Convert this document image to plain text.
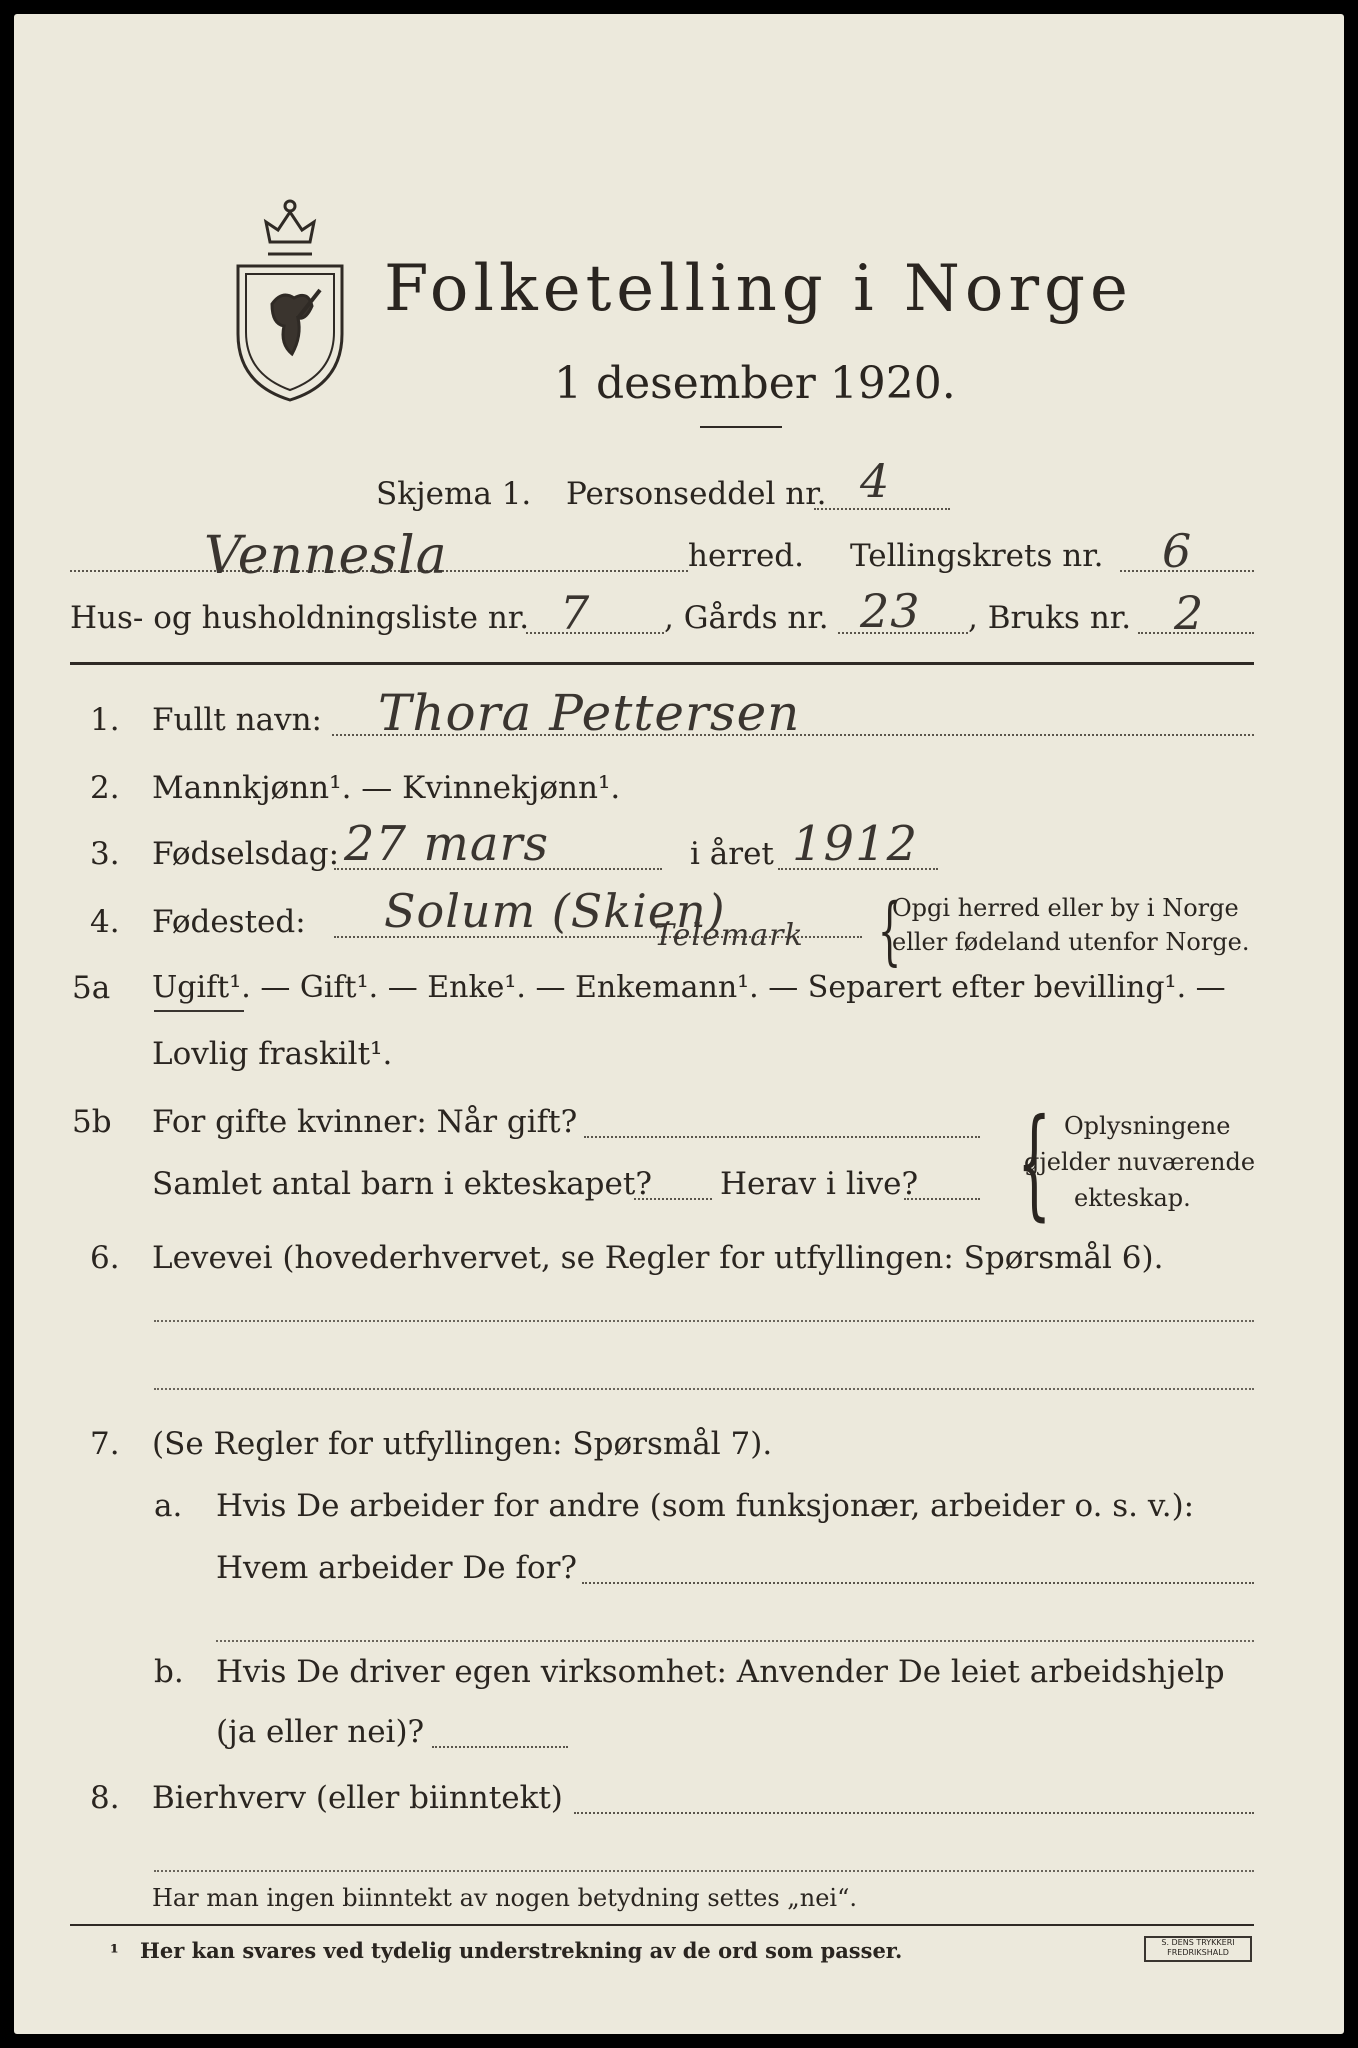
Folketelling i Norge
1 desember 1920.
Skjema 1. Personseddel nr. 4
Vennesla	herred. Tellingskrets nr. 6
Hus- og husholdningsliste nr. 7 , Gårds nr. 23 , Bruks nr. 2
1. Fullt navn: Thora Pettersen
2. Mannkjønn¹. — Kvinnekjønn¹.
3. Fødselsdag: 27 mars	i året 1912
4. Fødested: Solum (Skien)
Telemark {
Opgi herred eller by i Norge
eller fødeland utenfor Norge.
5a Ugift¹. — Gift¹. — Enke¹. — Enkemann¹. — Separert efter bevilling¹. —
Lovlig fraskilt¹.
5b For gifte kvinner: Når gift?
Samlet antal barn i ekteskapet? Herav i live? { Oplysningene
gjelder nuværende
ekteskap.
6. Levevei (hovederhvervet, se Regler for utfyllingen: Spørsmål 6).
7. (Se Regler for utfyllingen: Spørsmål 7).
a. Hvis De arbeider for andre (som funksjonær, arbeider o. s. v.):
Hvem arbeider De for?
b. Hvis De driver egen virksomhet: Anvender De leiet arbeidshjelp
(ja eller nei)?
8. Bierhverv (eller biinntekt)
Har man ingen biinntekt av nogen betydning settes „nei“.
¹ Her kan svares ved tydelig understrekning av de ord som passer.	S. DENS TRYKKERI
FREDRIKSHALD
